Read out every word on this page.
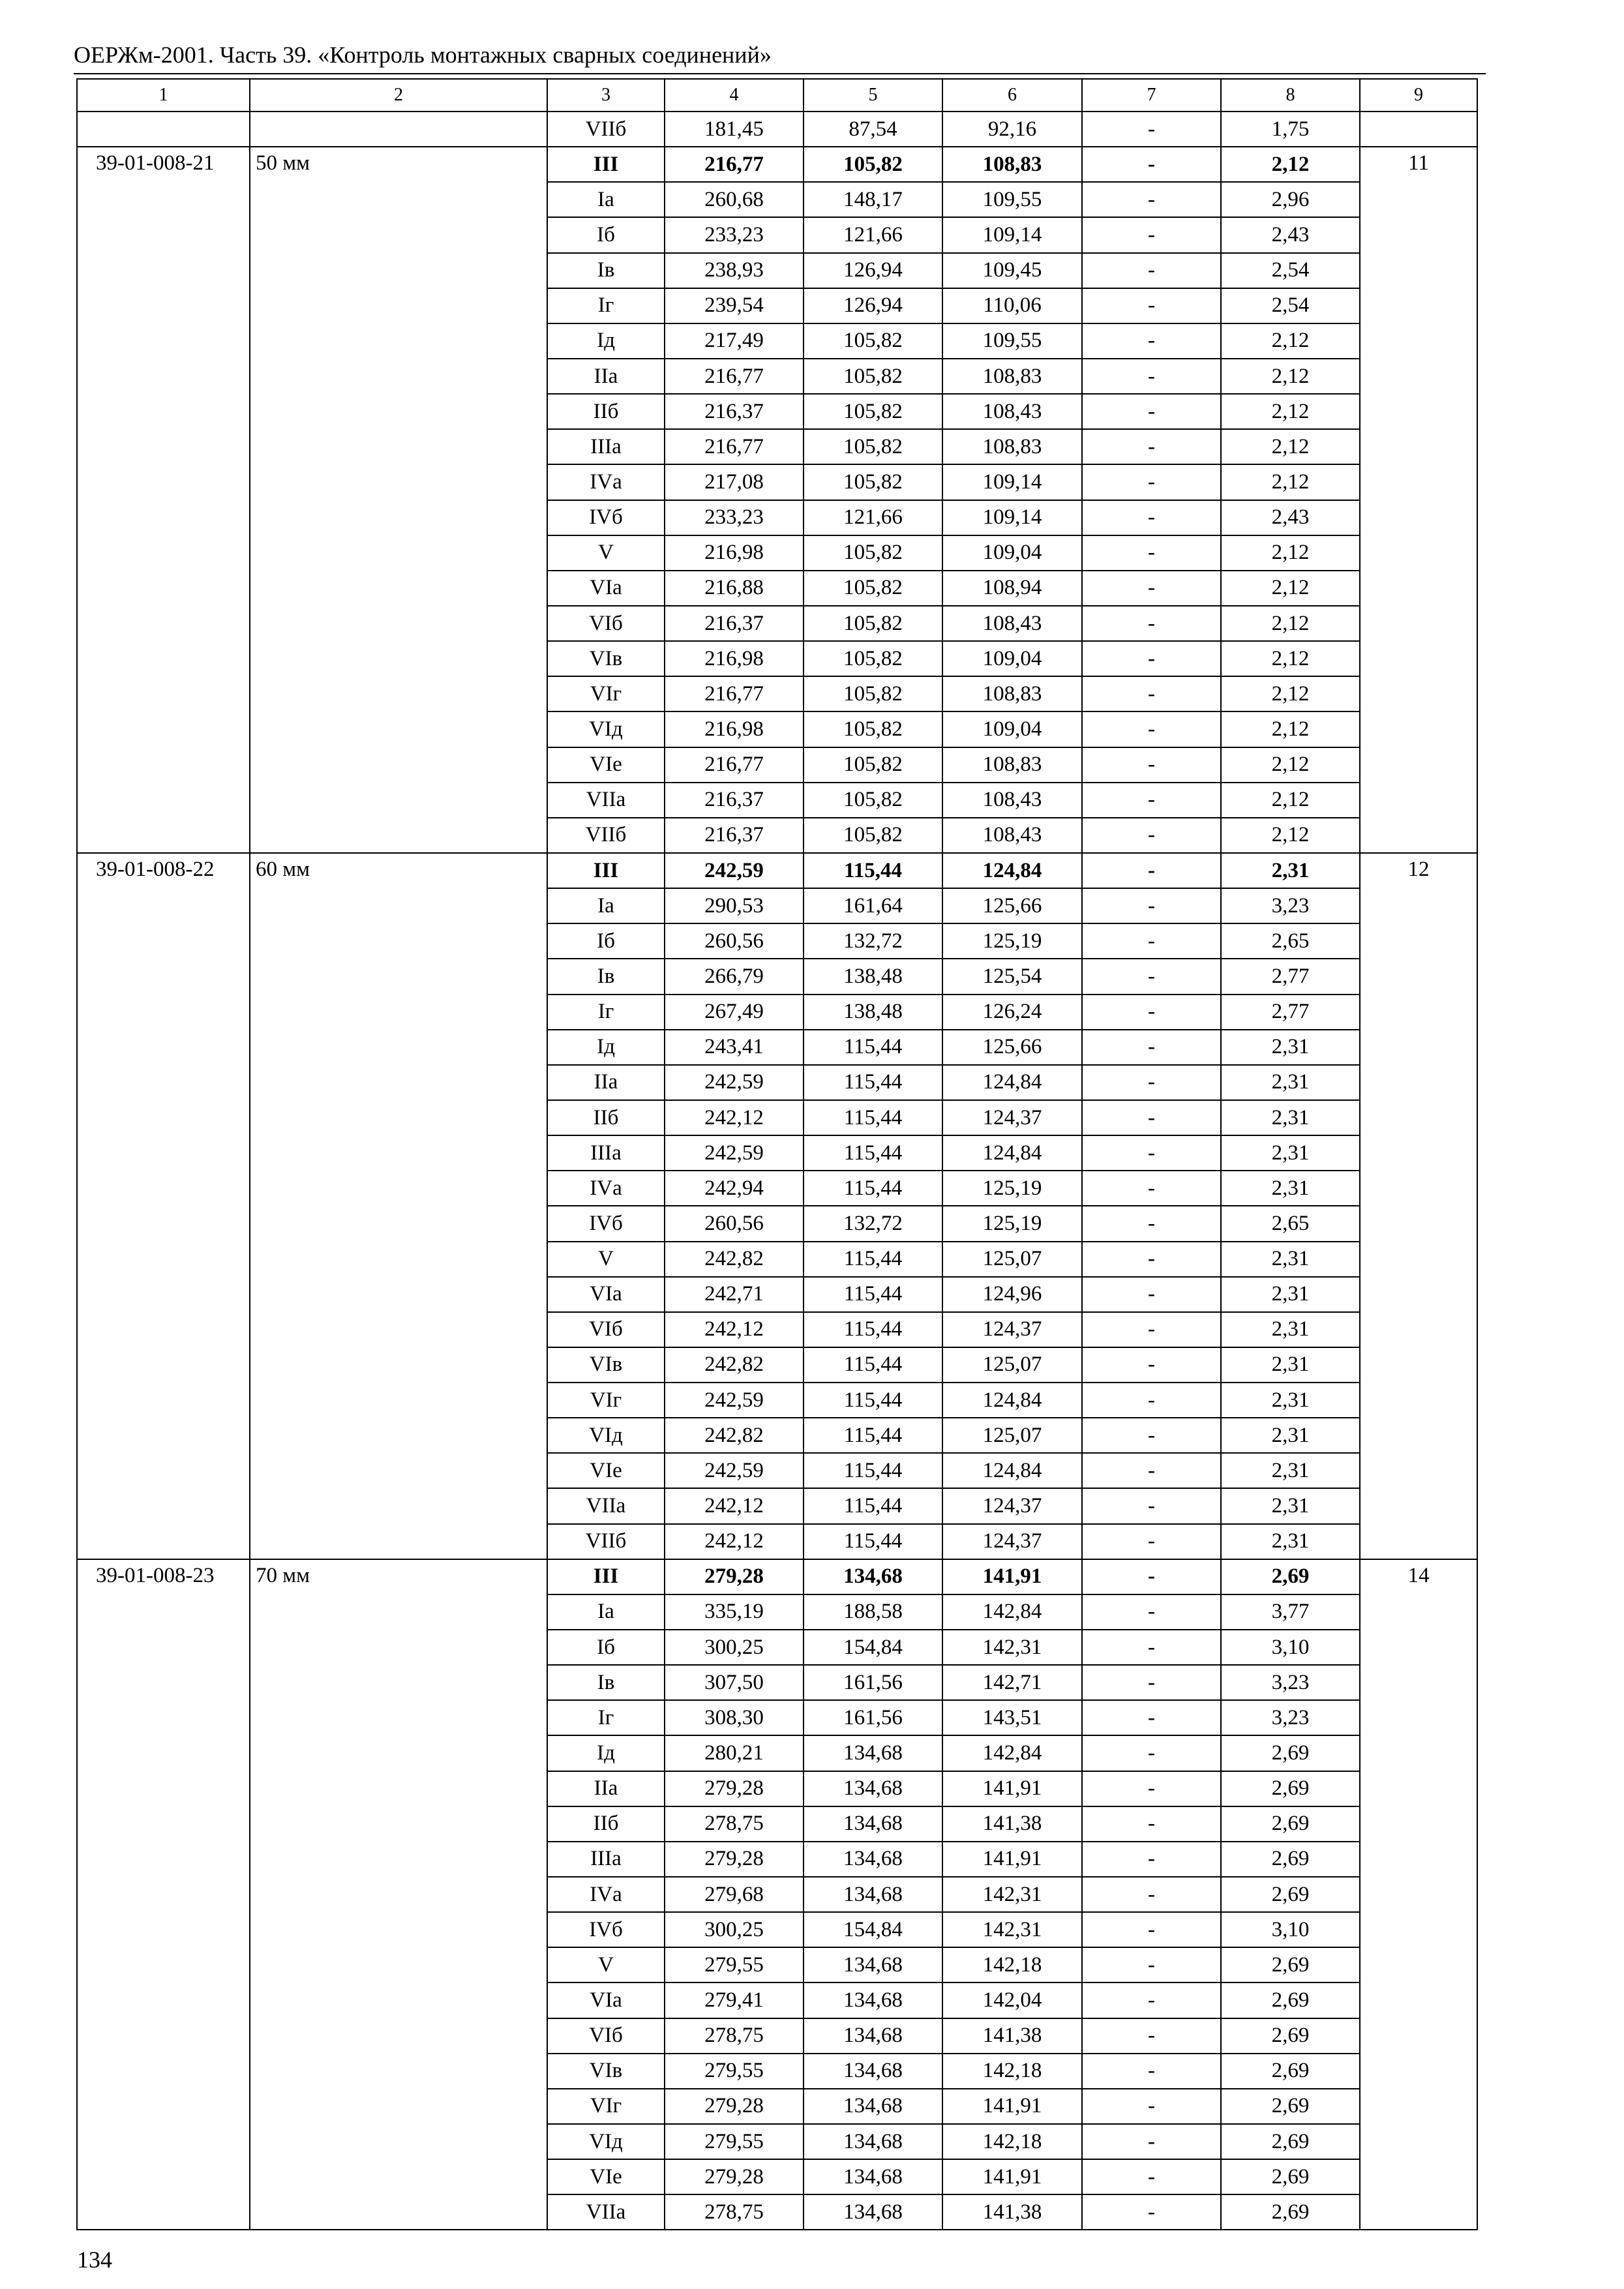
ОЕРЖм-2001. Часть 39. «Контроль монтажных сварных соединений»
1	2	3	4	5	6	7	8	9
		VIIб	181,45	87,54	92,16	-	1,75	
39-01-008-21	50 мм	III	216,77	105,82	108,83	-	2,12	11
		Iа	260,68	148,17	109,55	-	2,96	
		Iб	233,23	121,66	109,14	-	2,43	
		Iв	238,93	126,94	109,45	-	2,54	
		Iг	239,54	126,94	110,06	-	2,54	
		Iд	217,49	105,82	109,55	-	2,12	
		IIа	216,77	105,82	108,83	-	2,12	
		IIб	216,37	105,82	108,43	-	2,12	
		IIIа	216,77	105,82	108,83	-	2,12	
		IVа	217,08	105,82	109,14	-	2,12	
		IVб	233,23	121,66	109,14	-	2,43	
		V	216,98	105,82	109,04	-	2,12	
		VIа	216,88	105,82	108,94	-	2,12	
		VIб	216,37	105,82	108,43	-	2,12	
		VIв	216,98	105,82	109,04	-	2,12	
		VIг	216,77	105,82	108,83	-	2,12	
		VIд	216,98	105,82	109,04	-	2,12	
		VIе	216,77	105,82	108,83	-	2,12	
		VIIа	216,37	105,82	108,43	-	2,12	
		VIIб	216,37	105,82	108,43	-	2,12	
39-01-008-22	60 мм	III	242,59	115,44	124,84	-	2,31	12
		Iа	290,53	161,64	125,66	-	3,23	
		Iб	260,56	132,72	125,19	-	2,65	
		Iв	266,79	138,48	125,54	-	2,77	
		Iг	267,49	138,48	126,24	-	2,77	
		Iд	243,41	115,44	125,66	-	2,31	
		IIа	242,59	115,44	124,84	-	2,31	
		IIб	242,12	115,44	124,37	-	2,31	
		IIIа	242,59	115,44	124,84	-	2,31	
		IVа	242,94	115,44	125,19	-	2,31	
		IVб	260,56	132,72	125,19	-	2,65	
		V	242,82	115,44	125,07	-	2,31	
		VIа	242,71	115,44	124,96	-	2,31	
		VIб	242,12	115,44	124,37	-	2,31	
		VIв	242,82	115,44	125,07	-	2,31	
		VIг	242,59	115,44	124,84	-	2,31	
		VIд	242,82	115,44	125,07	-	2,31	
		VIе	242,59	115,44	124,84	-	2,31	
		VIIа	242,12	115,44	124,37	-	2,31	
		VIIб	242,12	115,44	124,37	-	2,31	
39-01-008-23	70 мм	III	279,28	134,68	141,91	-	2,69	14
		Iа	335,19	188,58	142,84	-	3,77	
		Iб	300,25	154,84	142,31	-	3,10	
		Iв	307,50	161,56	142,71	-	3,23	
		Iг	308,30	161,56	143,51	-	3,23	
		Iд	280,21	134,68	142,84	-	2,69	
		IIа	279,28	134,68	141,91	-	2,69	
		IIб	278,75	134,68	141,38	-	2,69	
		IIIа	279,28	134,68	141,91	-	2,69	
		IVа	279,68	134,68	142,31	-	2,69	
		IVб	300,25	154,84	142,31	-	3,10	
		V	279,55	134,68	142,18	-	2,69	
		VIа	279,41	134,68	142,04	-	2,69	
		VIб	278,75	134,68	141,38	-	2,69	
		VIв	279,55	134,68	142,18	-	2,69	
		VIг	279,28	134,68	141,91	-	2,69	
		VIд	279,55	134,68	142,18	-	2,69	
		VIе	279,28	134,68	141,91	-	2,69	
		VIIа	278,75	134,68	141,38	-	2,69	
134
